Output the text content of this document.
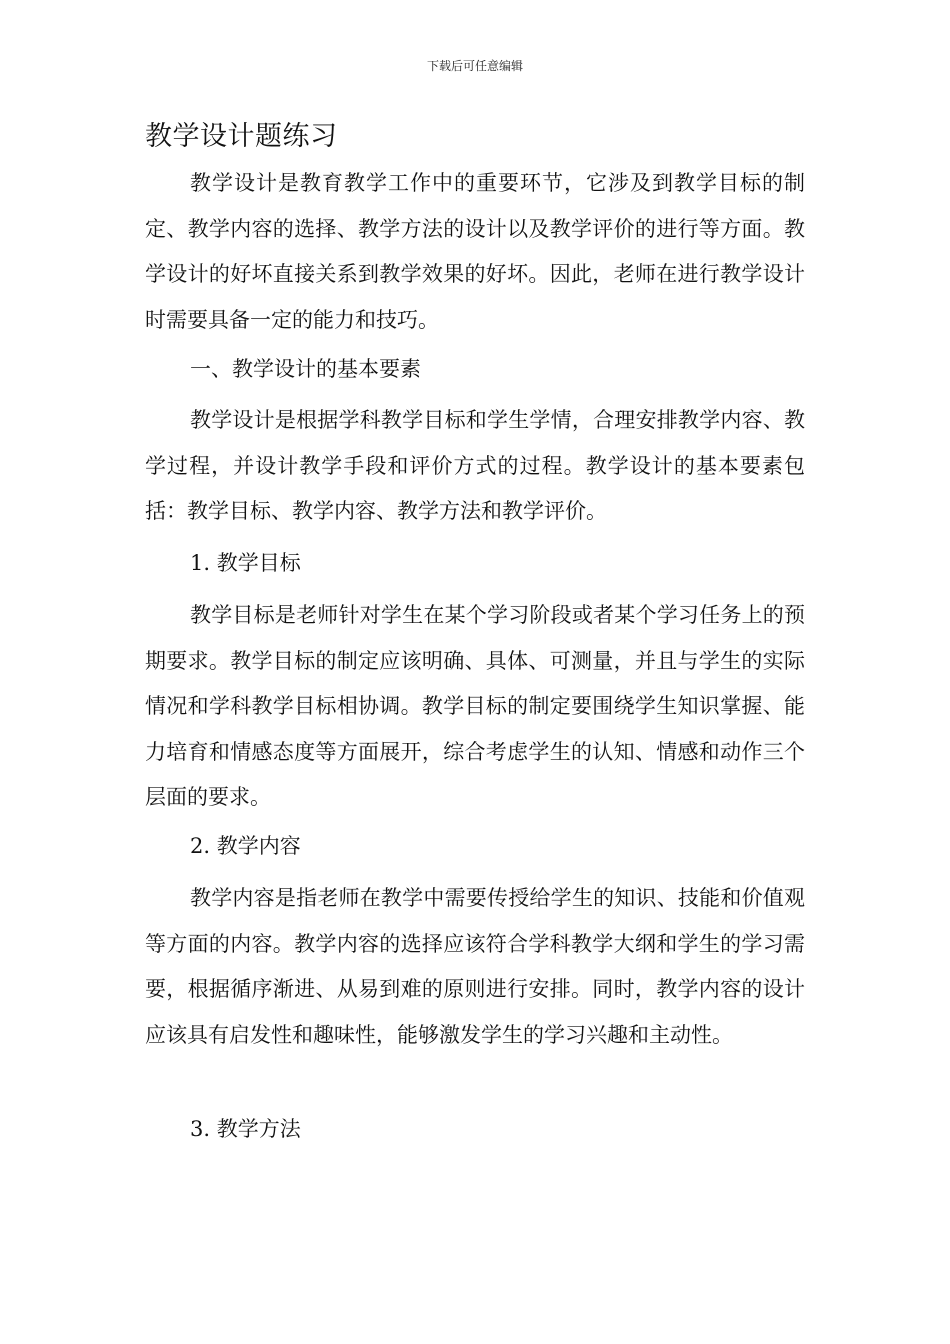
下载后可任意编辑
教学设计题练习

教学设计是教育教学工作中的重要环节，它涉及到教学目标的制定、教学内容的选择、教学方法的设计以及教学评价的进行等方面。教学设计的好坏直接关系到教学效果的好坏。因此，老师在进行教学设计时需要具备一定的能力和技巧。

一、教学设计的基本要素

教学设计是根据学科教学目标和学生学情，合理安排教学内容、教学过程，并设计教学手段和评价方式的过程。教学设计的基本要素包括：教学目标、教学内容、教学方法和教学评价。

1. 教学目标

教学目标是老师针对学生在某个学习阶段或者某个学习任务上的预期要求。教学目标的制定应该明确、具体、可测量，并且与学生的实际情况和学科教学目标相协调。教学目标的制定要围绕学生知识掌握、能力培育和情感态度等方面展开，综合考虑学生的认知、情感和动作三个层面的要求。

2. 教学内容

教学内容是指老师在教学中需要传授给学生的知识、技能和价值观等方面的内容。教学内容的选择应该符合学科教学大纲和学生的学习需要，根据循序渐进、从易到难的原则进行安排。同时，教学内容的设计应该具有启发性和趣味性，能够激发学生的学习兴趣和主动性。

3. 教学方法
